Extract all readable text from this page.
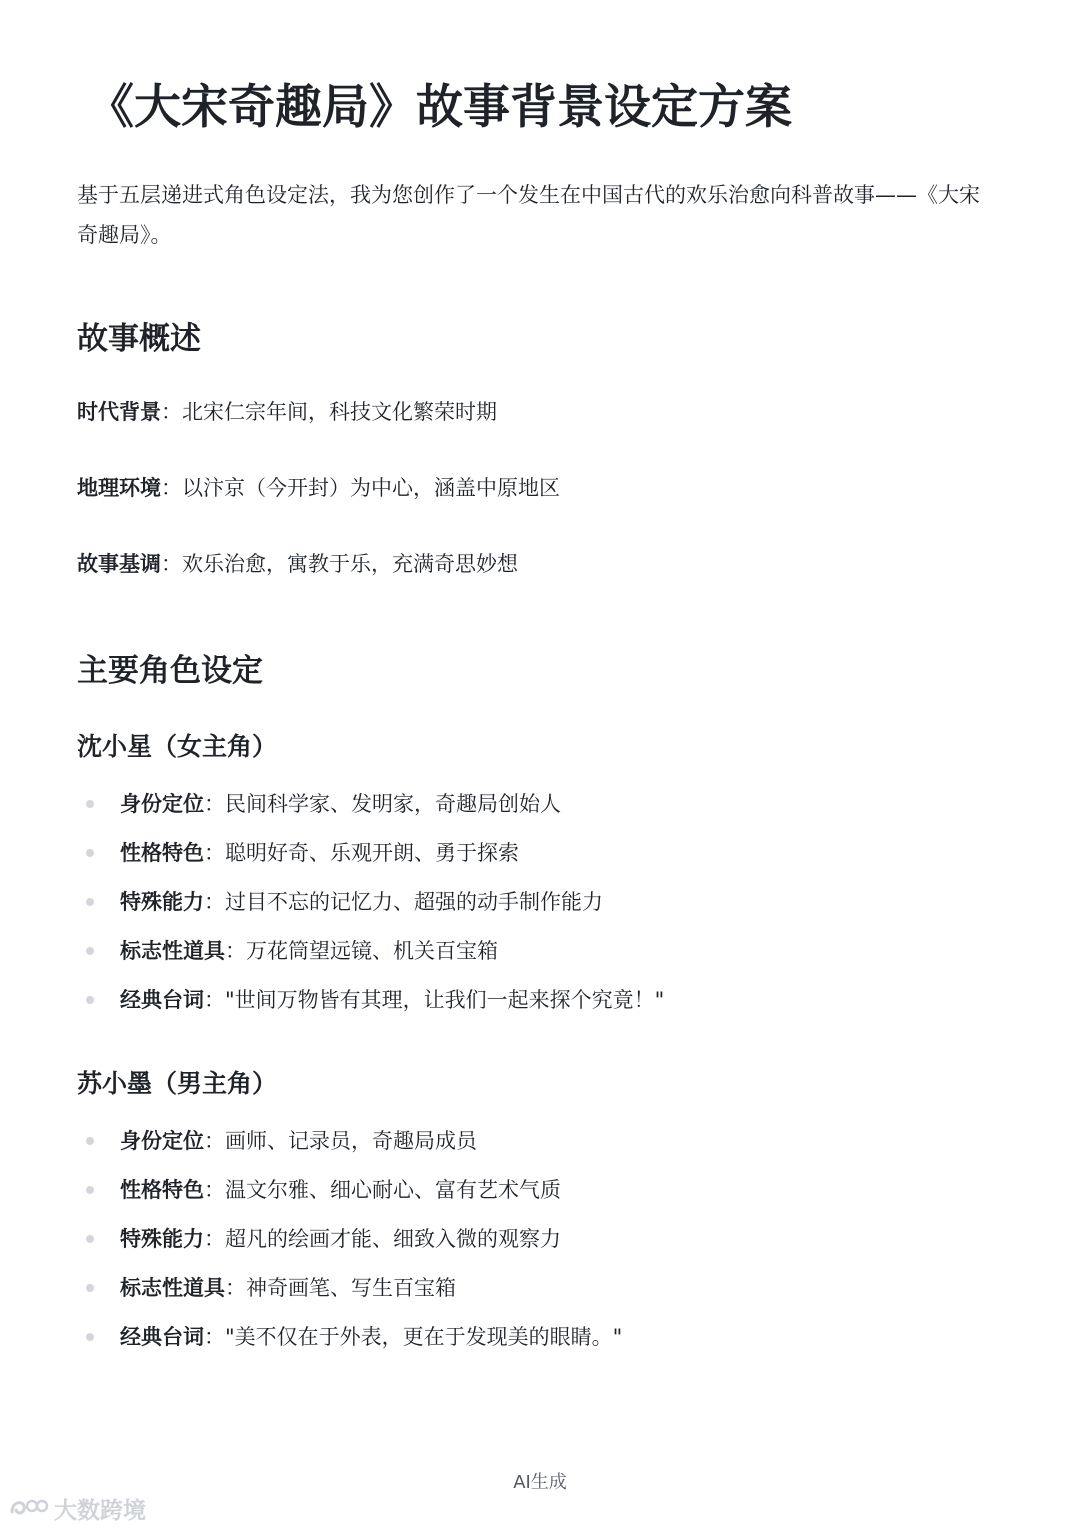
《大宋奇趣局》故事背景设定方案

基于五层递进式角色设定法，我为您创作了一个发生在中国古代的欢乐治愈向科普故事——《大宋奇趣局》。

故事概述

时代背景：北宋仁宗年间，科技文化繁荣时期

地理环境：以汴京（今开封）为中心，涵盖中原地区

故事基调：欢乐治愈，寓教于乐，充满奇思妙想

主要角色设定
沈小星（女主角）
身份定位：民间科学家、发明家，奇趣局创始人
性格特色：聪明好奇、乐观开朗、勇于探索
特殊能力：过目不忘的记忆力、超强的动手制作能力
标志性道具：万花筒望远镜、机关百宝箱
经典台词："世间万物皆有其理，让我们一起来探个究竟！"
苏小墨（男主角）
身份定位：画师、记录员，奇趣局成员
性格特色：温文尔雅、细心耐心、富有艺术气质
特殊能力：超凡的绘画才能、细致入微的观察力
标志性道具：神奇画笔、写生百宝箱
经典台词："美不仅在于外表，更在于发现美的眼睛。"
AI生成
大数跨境
